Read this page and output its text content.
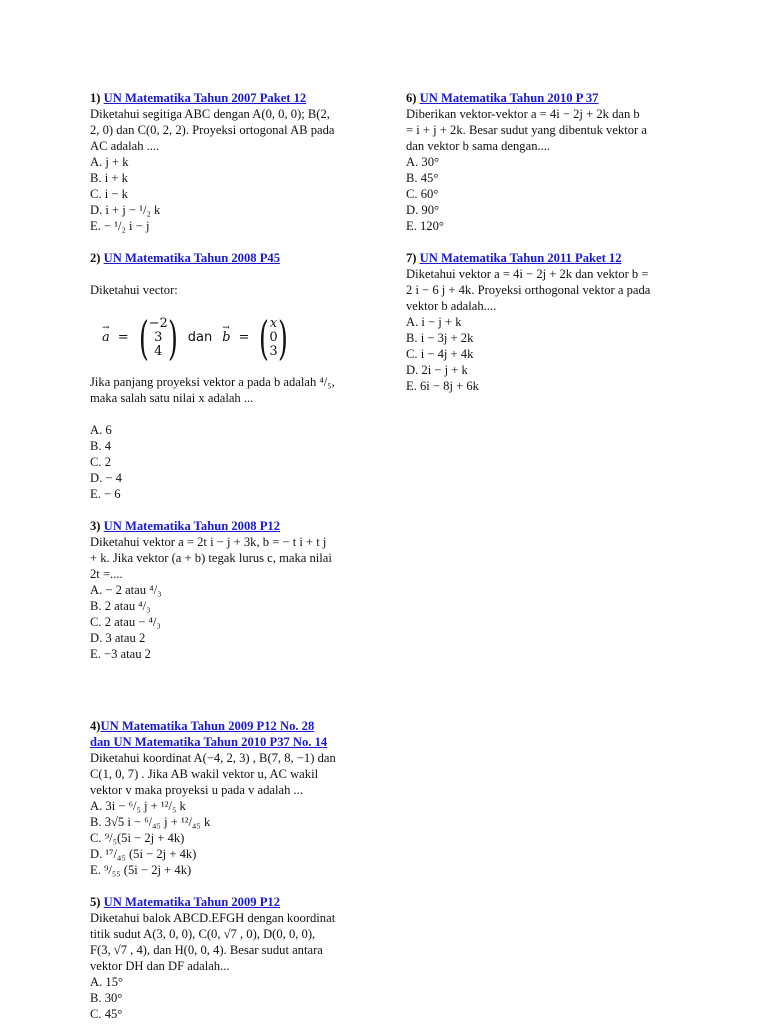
1) UN Matematika Tahun 2007 Paket 12
Diketahui segitiga ABC dengan A(0, 0, 0); B(2,
2, 0) dan C(0, 2, 2). Proyeksi ortogonal AB pada
AC adalah ....
A. j + k
B. i + k
C. i − k
D. i + j − ¹/₂ k
E. − ¹/₂ i − j
2) UN Matematika Tahun 2008 P45
Diketahui vector:
→ a = ( −2
3
4 ) dan
→ b = ( x
0
3 )
Jika panjang proyeksi vektor a pada b adalah ⁴/₅,
maka salah satu nilai x adalah ...
A. 6
B. 4
C. 2
D. − 4
E. − 6
3) UN Matematika Tahun 2008 P12
Diketahui vektor a = 2t i − j + 3k, b = − t i + t j
+ k. Jika vektor (a + b) tegak lurus c, maka nilai
2t =....
A. − 2 atau ⁴/₃
B. 2 atau ⁴/₃
C. 2 atau − ⁴/₃
D. 3 atau 2
E. −3 atau 2
4)UN Matematika Tahun 2009 P12 No. 28
dan UN Matematika Tahun 2010 P37 No. 14
Diketahui koordinat A(−4, 2, 3) , B(7, 8, −1) dan
C(1, 0, 7) . Jika AB wakil vektor u, AC wakil
vektor v maka proyeksi u pada v adalah ...
A. 3i − ⁶/₅ j + ¹²/₅ k
B. 3√5 i − ⁶/₄₅ j + ¹²/₄₅ k
C. ⁹/₅(5i − 2j + 4k)
D. ¹⁷/₄₅ (5i − 2j + 4k)
E. ⁹/₅₅ (5i − 2j + 4k)
5) UN Matematika Tahun 2009 P12
Diketahui balok ABCD.EFGH dengan koordinat
titik sudut A(3, 0, 0), C(0, √7 , 0), D(0, 0, 0),
F(3, √7 , 4), dan H(0, 0, 4). Besar sudut antara
vektor DH dan DF adalah...
A. 15°
B. 30°
C. 45°
6) UN Matematika Tahun 2010 P 37
Diberikan vektor-vektor a = 4i − 2j + 2k dan b
= i + j + 2k. Besar sudut yang dibentuk vektor a
dan vektor b sama dengan....
A. 30°
B. 45°
C. 60°
D. 90°
E. 120°
7) UN Matematika Tahun 2011 Paket 12
Diketahui vektor a = 4i − 2j + 2k dan vektor b =
2 i − 6 j + 4k. Proyeksi orthogonal vektor a pada
vektor b adalah....
A. i − j + k
B. i − 3j + 2k
C. i − 4j + 4k
D. 2i − j + k
E. 6i − 8j + 6k
